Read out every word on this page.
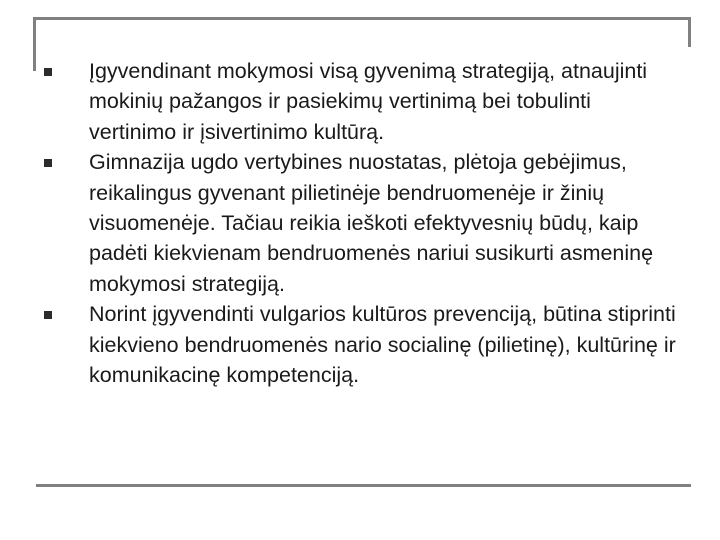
Įgyvendinant mokymosi visą gyvenimą strategiją, atnaujinti mokinių pažangos ir pasiekimų vertinimą bei tobulinti vertinimo ir įsivertinimo kultūrą.
Gimnazija ugdo vertybines nuostatas, plėtoja gebėjimus, reikalingus gyvenant pilietinėje bendruomenėje ir žinių visuomenėje. Tačiau reikia ieškoti efektyvesnių būdų, kaip padėti kiekvienam bendruomenės nariui susikurti asmeninę mokymosi strategiją.
Norint įgyvendinti vulgarios kultūros prevenciją, būtina stiprinti kiekvieno bendruomenės nario socialinę (pilietinę), kultūrinę ir komunikacinę kompetenciją.
